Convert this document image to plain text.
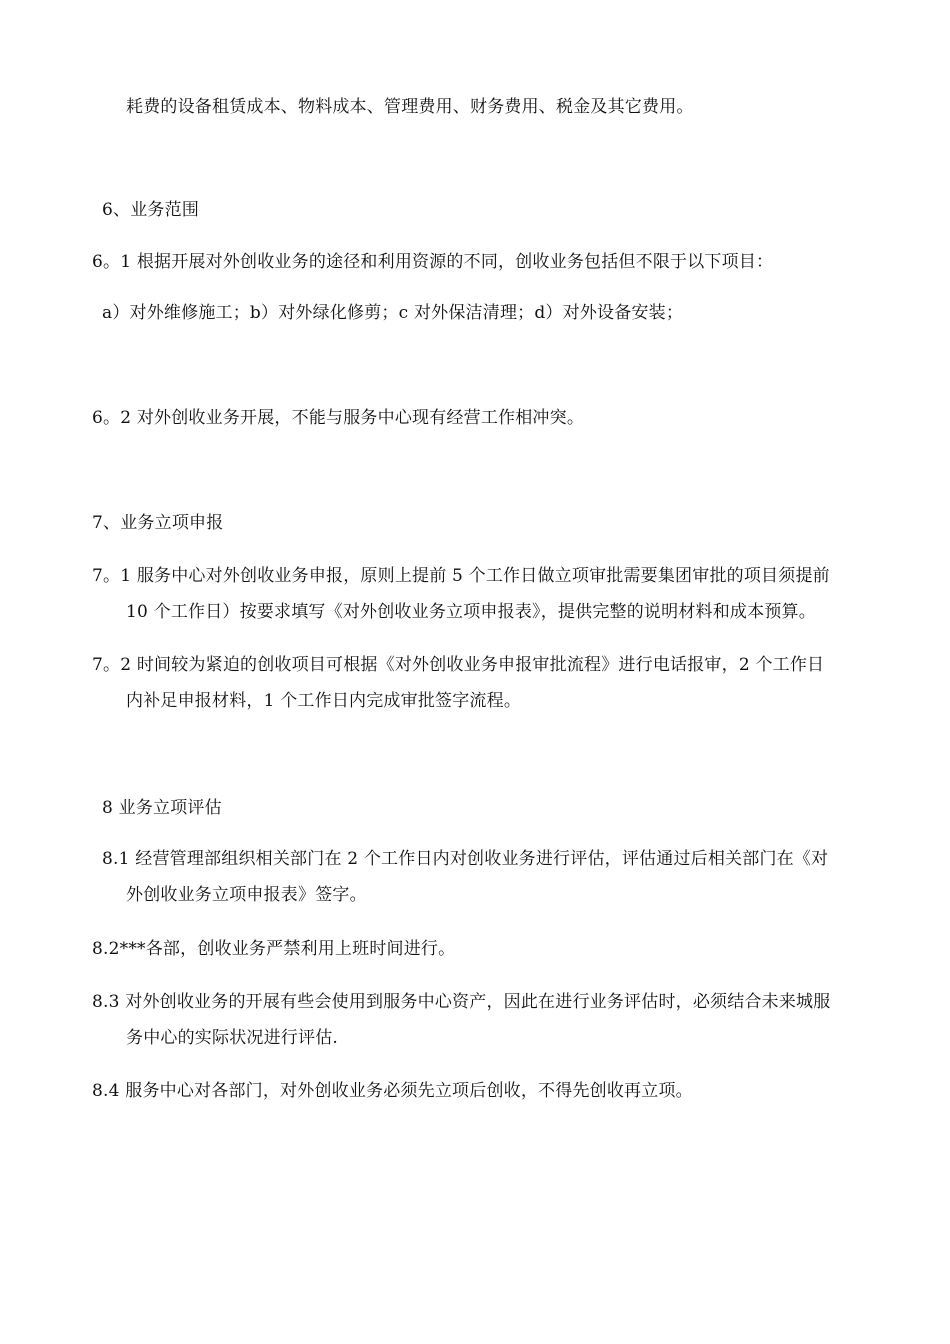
耗费的设备租赁成本、物料成本、管理费用、财务费用、税金及其它费用。
6、业务范围
6。1 根据开展对外创收业务的途径和利用资源的不同，创收业务包括但不限于以下项目：
a）对外维修施工；b）对外绿化修剪；c 对外保洁清理；d）对外设备安装；
6。2 对外创收业务开展，不能与服务中心现有经营工作相冲突。
7、业务立项申报
7。1 服务中心对外创收业务申报，原则上提前 5 个工作日做立项审批需要集团审批的项目须提前
10 个工作日）按要求填写《对外创收业务立项申报表》，提供完整的说明材料和成本预算。
7。2 时间较为紧迫的创收项目可根据《对外创收业务申报审批流程》进行电话报审，2 个工作日
内补足申报材料，1 个工作日内完成审批签字流程。
8 业务立项评估
8.1 经营管理部组织相关部门在 2 个工作日内对创收业务进行评估，评估通过后相关部门在《对
外创收业务立项申报表》签字。
8.2***各部，创收业务严禁利用上班时间进行。
8.3 对外创收业务的开展有些会使用到服务中心资产，因此在进行业务评估时，必须结合未来城服
务中心的实际状况进行评估.
8.4 服务中心对各部门，对外创收业务必须先立项后创收，不得先创收再立项。
